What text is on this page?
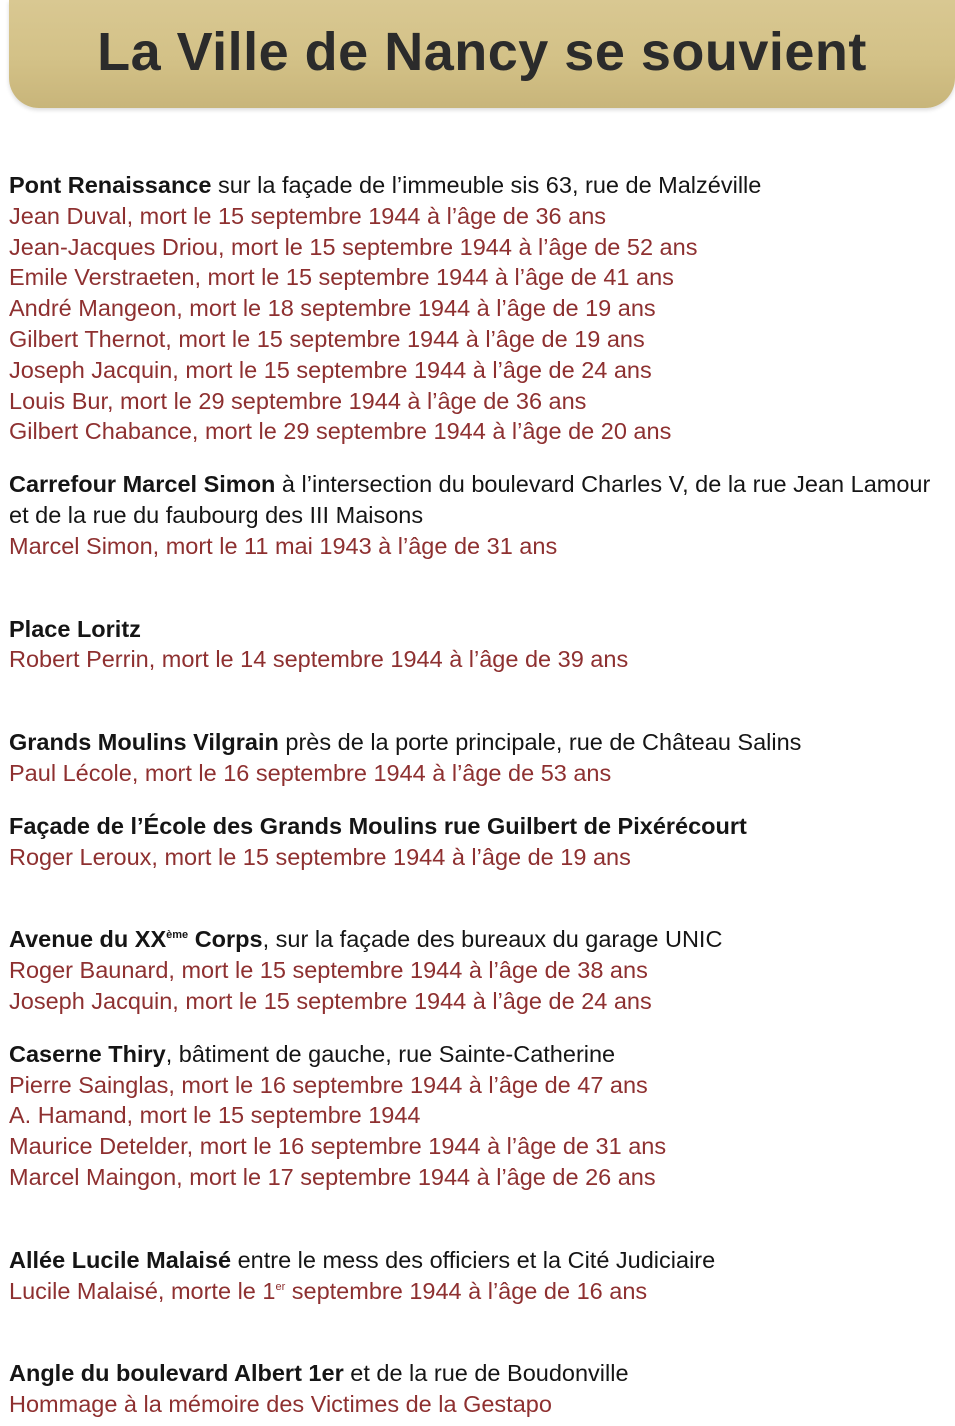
La Ville de Nancy se souvient
Pont Renaissance sur la façade de l’immeuble sis 63, rue de Malzéville
Jean Duval, mort le 15 septembre 1944 à l’âge de 36 ans
Jean-Jacques Driou, mort le 15 septembre 1944 à l’âge de 52 ans
Emile Verstraeten, mort le 15 septembre 1944 à l’âge de 41 ans
André Mangeon, mort le 18 septembre 1944 à l’âge de 19 ans
Gilbert Thernot, mort le 15 septembre 1944 à l’âge de 19 ans
Joseph Jacquin, mort le 15 septembre 1944 à l’âge de 24 ans
Louis Bur, mort le 29 septembre 1944 à l’âge de 36 ans
Gilbert Chabance, mort le 29 septembre 1944 à l’âge de 20 ans
Carrefour Marcel Simon à l’intersection du boulevard Charles V, de la rue Jean Lamour et de la rue du faubourg des III Maisons
Marcel Simon, mort le 11 mai 1943 à l’âge de 31 ans
Place Loritz
Robert Perrin, mort le 14 septembre 1944 à l’âge de 39 ans
Grands Moulins Vilgrain près de la porte principale, rue de Château Salins
Paul Lécole, mort le 16 septembre 1944 à l’âge de 53 ans
Façade de l’École des Grands Moulins rue Guilbert de Pixérécourt
Roger Leroux, mort le 15 septembre 1944 à l’âge de 19 ans
Avenue du XXème Corps, sur la façade des bureaux du garage UNIC
Roger Baunard, mort le 15 septembre 1944 à l’âge de 38 ans
Joseph Jacquin, mort le 15 septembre 1944 à l’âge de 24 ans
Caserne Thiry, bâtiment de gauche, rue Sainte-Catherine
Pierre Sainglas, mort le 16 septembre 1944 à l’âge de 47 ans
A. Hamand, mort le 15 septembre 1944
Maurice Detelder, mort le 16 septembre 1944 à l’âge de 31 ans
Marcel Maingon, mort le 17 septembre 1944 à l’âge de 26 ans
Allée Lucile Malaisé entre le mess des officiers et la Cité Judiciaire
Lucile Malaisé, morte le 1er septembre 1944 à l’âge de 16 ans
Angle du boulevard Albert 1er et de la rue de Boudonville
Hommage à la mémoire des Victimes de la Gestapo
